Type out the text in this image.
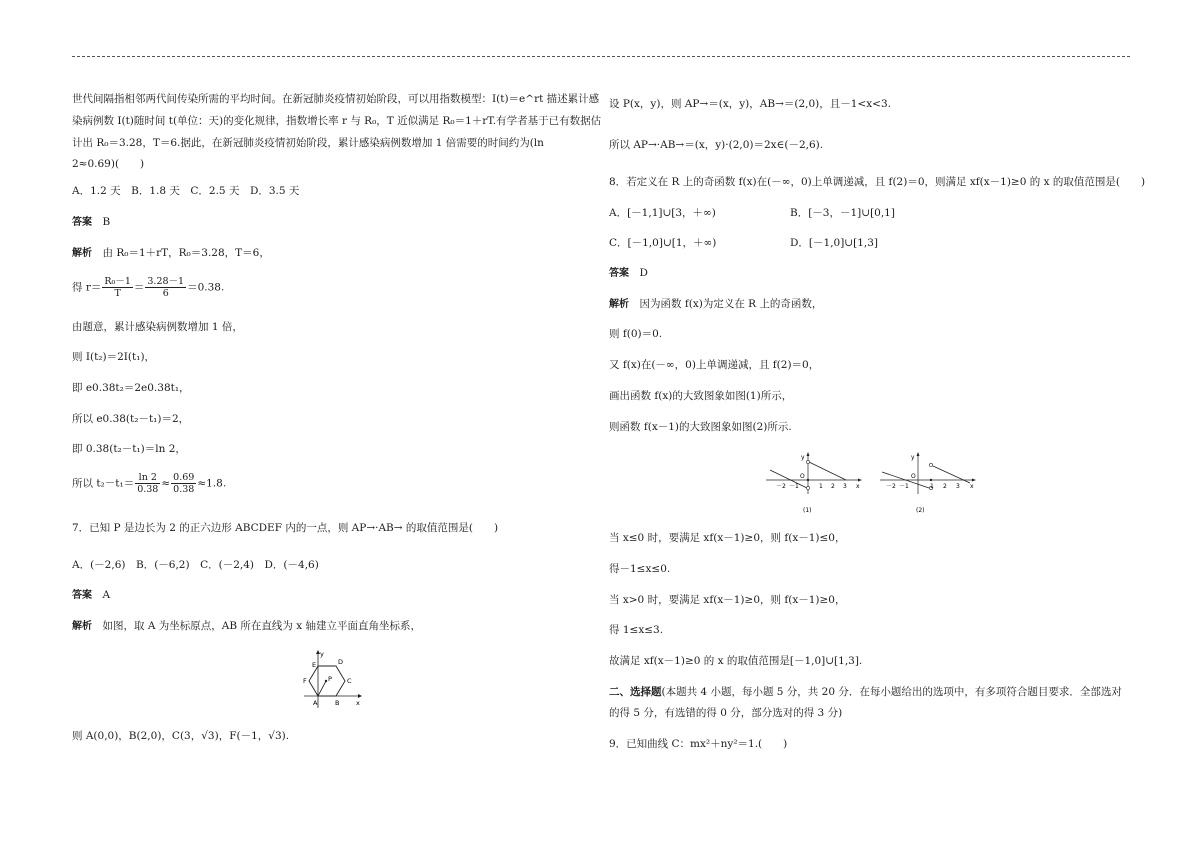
世代间隔指相邻两代间传染所需的平均时间。在新冠肺炎疫情初始阶段，可以用指数模型：I(t)＝e^rt 描述累计感

染病例数 I(t)随时间 t(单位：天)的变化规律，指数增长率 r 与 R₀，T 近似满足 R₀＝1＋rT.有学者基于已有数据估

计出 R₀＝3.28，T＝6.据此，在新冠肺炎疫情初始阶段，累计感染病例数增加 1 倍需要的时间约为(ln

2≈0.69)(　　)

A．1.2 天　B．1.8 天　C．2.5 天　D．3.5 天

答案　 B

解析　 由 R₀＝1＋rT，R₀＝3.28，T＝6，

得 $r= \frac{\text{R₀－1}}{T} = \frac{3.28-1}{6} =0.38$.

由题意，累计感染病例数增加 1 倍，

则 I(t₂)＝2I(t₁)，

即 e0.38t₂＝2e0.38t₁，

所以 e0.38(t₂－t₁)＝2，

即 0.38(t₂－t₁)＝ln 2，

所以 $t_2-t_1= \frac{\ln 2}{0.38} \approx \frac{0.69}{0.38} \approx 1.8$.

7．已知 P 是边长为 2 的正六边形 ABCDEF 内的一点，则 AP→·AB→ 的取值范围是(　　)

A．(－2,6)　B．(－6,2)　C．(－2,4)　D．(－4,6)

答案　 A

解析　 如图，取 A 为坐标原点，AB 所在直线为 x 轴建立平面直角坐标系，

则 A(0,0)，B(2,0)，C(3，√3)，F(－1，√3).

y
E	D
F	P C
A	B	x

设 P(x，y)，则 AP→＝(x，y)，AB→＝(2,0)，且－1<x<3.

所以 AP→·AB→＝(x，y)·(2,0)＝2x∈(－2,6).

8．若定义在 R 上的奇函数 f(x)在(－∞，0)上单调递减，且 f(2)＝0，则满足 xf(x－1)≥0 的 x 的取值范围是(　　)

A．[－1,1]∪[3，＋∞)	B．[－3，－1]∪[0,1]

C．[－1,0]∪[1，＋∞)	D．[－1,0]∪[1,3]

答案　 D

解析　 因为函数 f(x)为定义在 R 上的奇函数，

则 f(0)＝0.

又 f(x)在(－∞，0)上单调递减，且 f(2)＝0，

画出函数 f(x)的大致图象如图(1)所示，

则函数 f(x－1)的大致图象如图(2)所示.

当 x≤0 时，要满足 xf(x－1)≥0，则 f(x－1)≤0，

得－1≤x≤0.

当 x>0 时，要满足 xf(x－1)≥0，则 f(x－1)≥0，

得 1≤x≤3.

故满足 xf(x－1)≥0 的 x 的取值范围是[－1,0]∪[1,3].

二、选择题(本题共 4 小题，每小题 5 分，共 20 分．在每小题给出的选项中，有多项符合题目要求．全部选对

的得 5 分，有选错的得 0 分，部分选对的得 3 分)

9．已知曲线 C：mx²＋ny²＝1.(　　)

y
O
x
－2 －1	1 2 3
(1)
y
O
x
－2 －1	1 2 3
(2)
